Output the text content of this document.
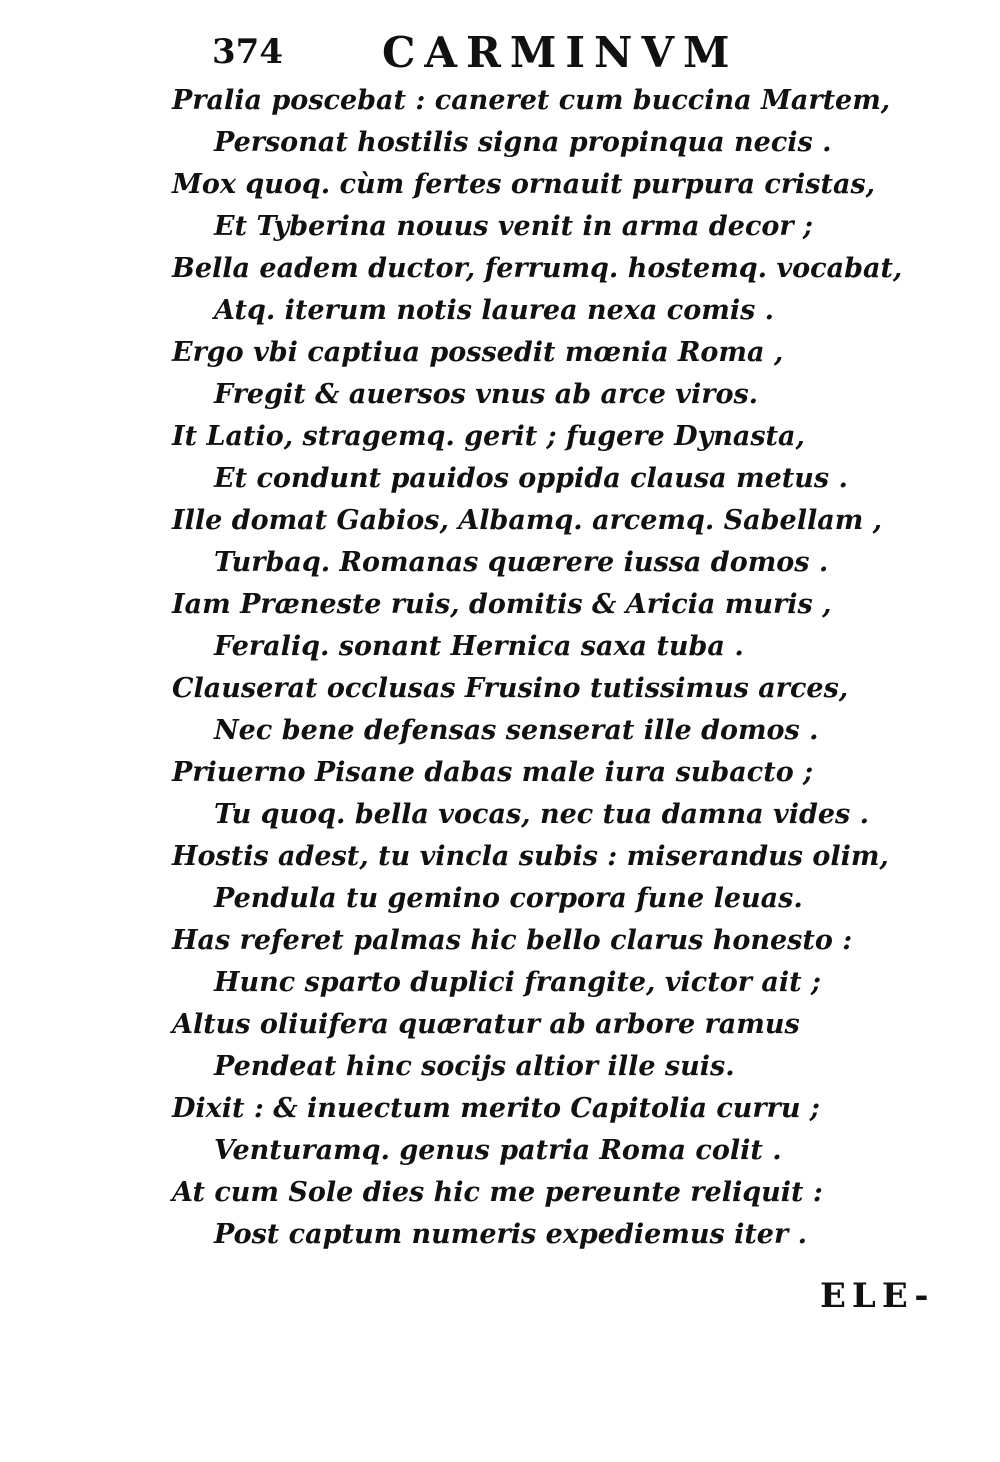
374 CARMINVM
Pralia poscebat : caneret cum buccina Martem,
Personat hostilis signa propinqua necis .
Mox quoq. cùm fertes ornauit purpura cristas,
Et Tyberina nouus venit in arma decor ;
Bella eadem ductor, ferrumq. hostemq. vocabat,
Atq. iterum notis laurea nexa comis .
Ergo vbi captiua possedit mœnia Roma ,
Fregit & auersos vnus ab arce viros.
It Latio, stragemq. gerit ; fugere Dynasta,
Et condunt pauidos oppida clausa metus .
Ille domat Gabios, Albamq. arcemq. Sabellam ,
Turbaq. Romanas quærere iussa domos .
Iam Præneste ruis, domitis & Aricia muris ,
Feraliq. sonant Hernica saxa tuba .
Clauserat occlusas Frusino tutissimus arces,
Nec bene defensas senserat ille domos .
Priuerno Pisane dabas male iura subacto ;
Tu quoq. bella vocas, nec tua damna vides .
Hostis adest, tu vincla subis : miserandus olim,
Pendula tu gemino corpora fune leuas.
Has referet palmas hic bello clarus honesto :
Hunc sparto duplici frangite, victor ait ;
Altus oliuifera quæratur ab arbore ramus
Pendeat hinc socijs altior ille suis.
Dixit : & inuectum merito Capitolia curru ;
Venturamq. genus patria Roma colit .
At cum Sole dies hic me pereunte reliquit :
Post captum numeris expediemus iter .
ELE-
